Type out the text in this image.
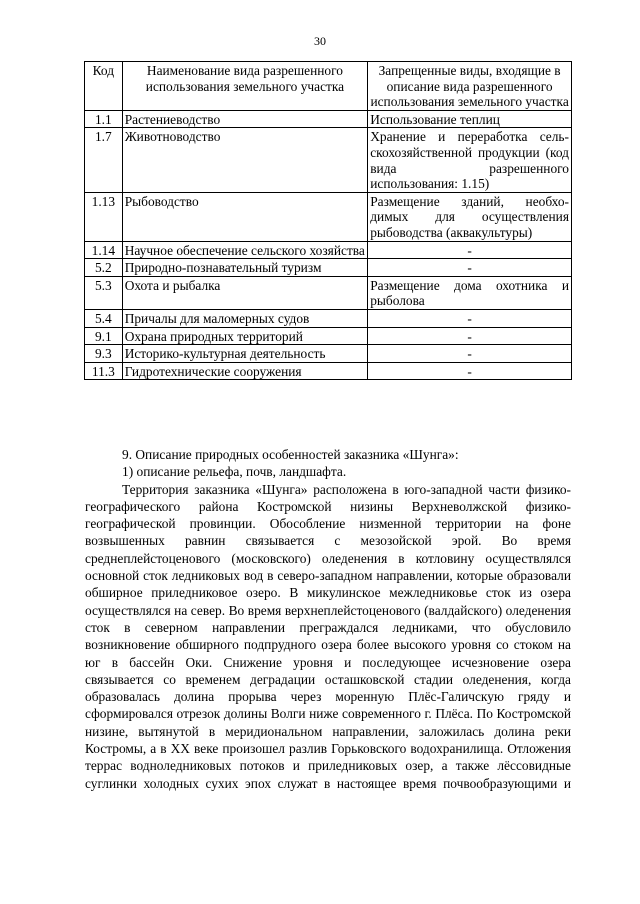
30
Код	Наименование вида разрешенного использования земельного участка	Запрещенные виды, входящие в описание вида разрешенного использования земельного участка
1.1	Растениеводство	Использование теплиц
1.7	Животноводство	Хранение и переработка сель-скохозяйственной продукции (код вида разрешенного использования: 1.15)
1.13	Рыбоводство	Размещение зданий, необхо-димых для осуществления рыбоводства (аквакультуры)
1.14	Научное обеспечение сельского хозяйства	-
5.2	Природно-познавательный туризм	-
5.3	Охота и рыбалка	Размещение дома охотника и рыболова
5.4	Причалы для маломерных судов	-
9.1	Охрана природных территорий	-
9.3	Историко-культурная деятельность	-
11.3	Гидротехнические сооружения	-

9. Описание природных особенностей заказника «Шунга»:

1) описание рельефа, почв, ландшафта.

Территория заказника «Шунга» расположена в юго-западной части физико-географического района Костромской низины Верхневолжской физико-географической провинции. Обособление низменной территории на фоне возвышенных равнин связывается с мезозойской эрой. Во время среднеплейстоценового (московского) оледенения в котловину осуществлялся основной сток ледниковых вод в северо-западном направлении, которые образовали обширное приледниковое озеро. В микулинское межледниковье сток из озера осуществлялся на север. Во время верхнеплейстоценового (валдайского) оледенения сток в северном направлении преграждался ледниками, что обусловило возникновение обширного подпрудного озера более высокого уровня со стоком на юг в бассейн Оки. Снижение уровня и последующее исчезновение озера связывается со временем деградации осташковской стадии оледенения, когда образовалась долина прорыва через моренную Плёс-Галичскую гряду и сформировался отрезок долины Волги ниже современного г. Плёса. По Костромской низине, вытянутой в меридиональном направлении, заложилась долина реки Костромы, а в XX веке произошел разлив Горьковского водохранилища. Отложения террас водноледниковых потоков и приледниковых озер, а также лёссовидные суглинки холодных сухих эпох служат в настоящее время почвообразующими и
